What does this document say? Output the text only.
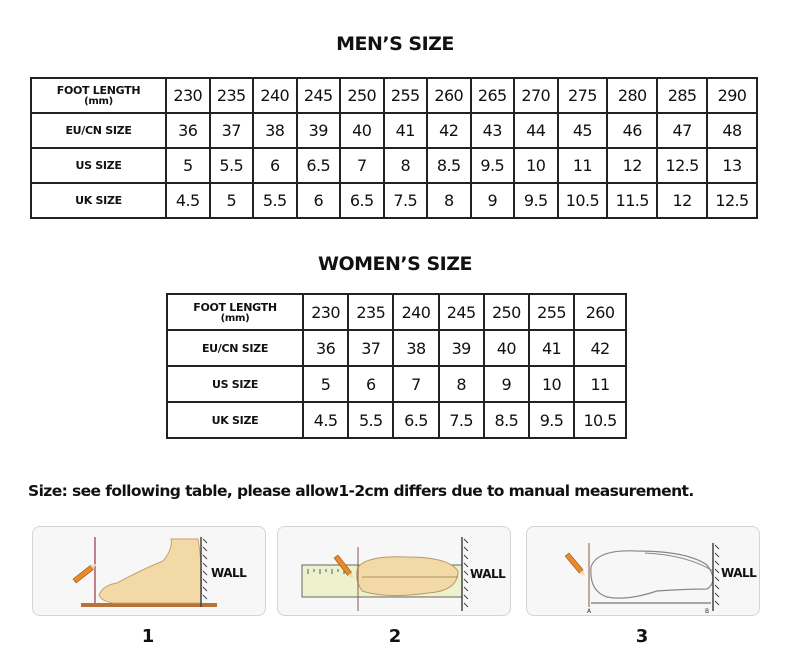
MEN’S SIZE
FOOT LENGTH
(mm)	230	235	240	245	250	255	260	265	270	275	280	285	290
EU/CN SIZE	36	37	38	39	40	41	42	43	44	45	46	47	48
US SIZE	5	5.5	6	6.5	7	8	8.5	9.5	10	11	12	12.5	13
UK SIZE	4.5	5	5.5	6	6.5	7.5	8	9	9.5	10.5	11.5	12	12.5
WOMEN’S SIZE
FOOT LENGTH
(mm)	230	235	240	245	250	255	260
EU/CN SIZE	36	37	38	39	40	41	42
US SIZE	5	6	7	8	9	10	11
UK SIZE	4.5	5.5	6.5	7.5	8.5	9.5	10.5
Size: see following table, please allow1-2cm differs due to manual measurement.
WALL	WALL
A	B
WALL
1	2	3
